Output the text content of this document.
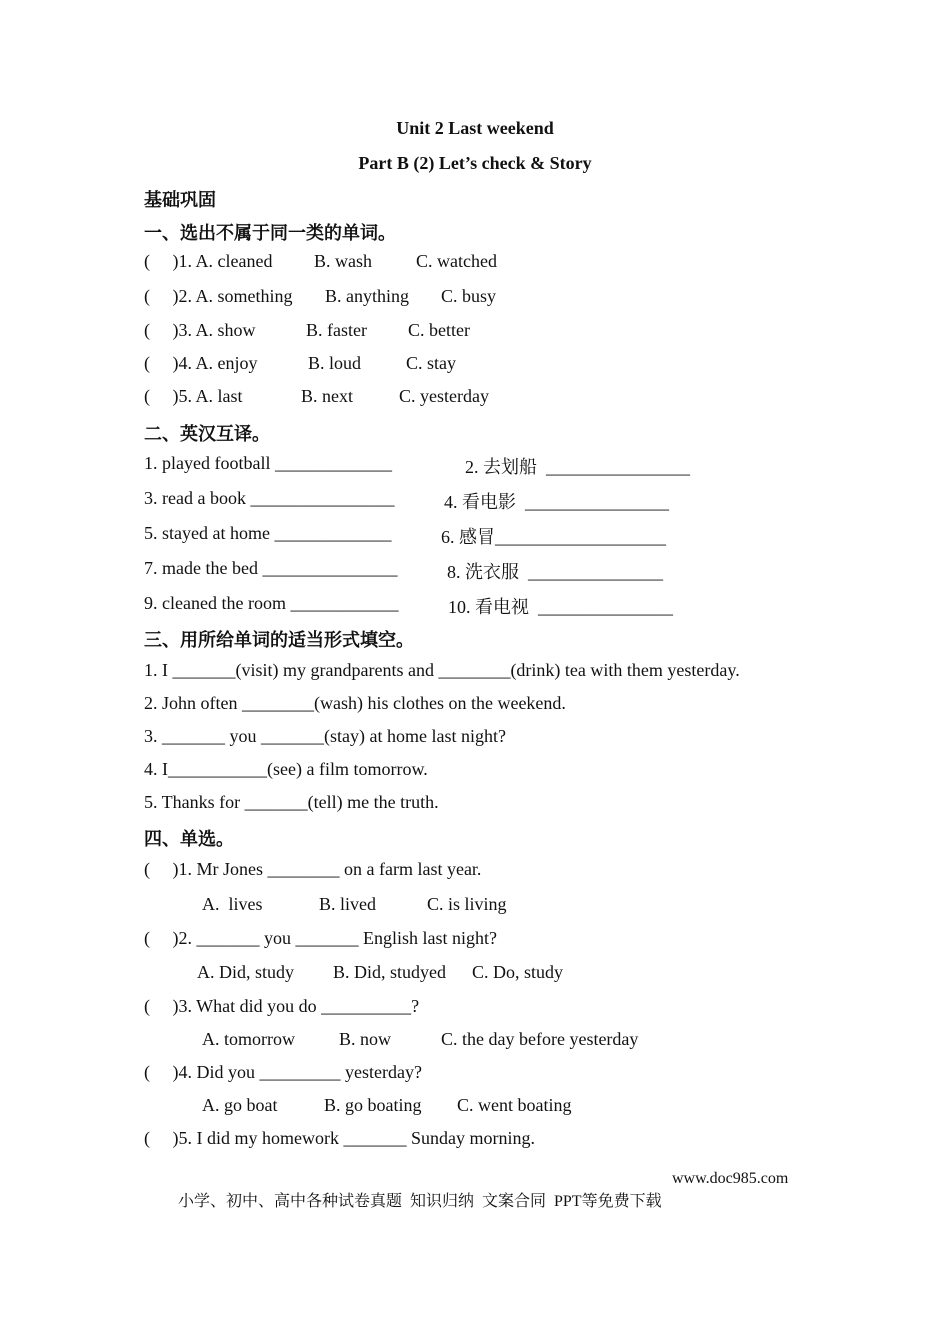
Unit 2 Last weekend
Part B (2) Let’s check & Story
基础巩固
一、选出不属于同一类的单词。
(     )1. A. cleaned B. wash C. watched
(     )2. A. something B. anything C. busy
(     )3. A. show	B. faster C. better
(     )4. A. enjoy	B. loud C. stay
(     )5. A. last	B. next	C. yesterday
二、英汉互译。
1. played football _____________	2. 去划船  ________________
3. read a book ________________	4. 看电影  ________________
5. stayed at home _____________	6. 感冒___________________
7. made the bed _______________	8. 洗衣服  _______________
9. cleaned the room ____________	10. 看电视  _______________
三、用所给单词的适当形式填空。
1. I _______(visit) my grandparents and ________(drink) tea with them yesterday.
2. John often ________(wash) his clothes on the weekend.
3. _______ you _______(stay) at home last night?
4. I___________(see) a film tomorrow.
5. Thanks for _______(tell) me the truth.
四、单选。
(     )1. Mr Jones ________ on a farm last year.
A.  lives	B. lived	C. is living
(     )2. _______ you _______ English last night?
A. Did, study B. Did, studyed C. Do, study
(     )3. What did you do __________?
A. tomorrow B. now	C. the day before yesterday
(     )4. Did you _________ yesterday?
A. go boat	B. go boating C. went boating
(     )5. I did my homework _______ Sunday morning.

小学、初中、高中各种试卷真题  知识归纳  文案合同  PPT等免费下载

www.doc985.com
